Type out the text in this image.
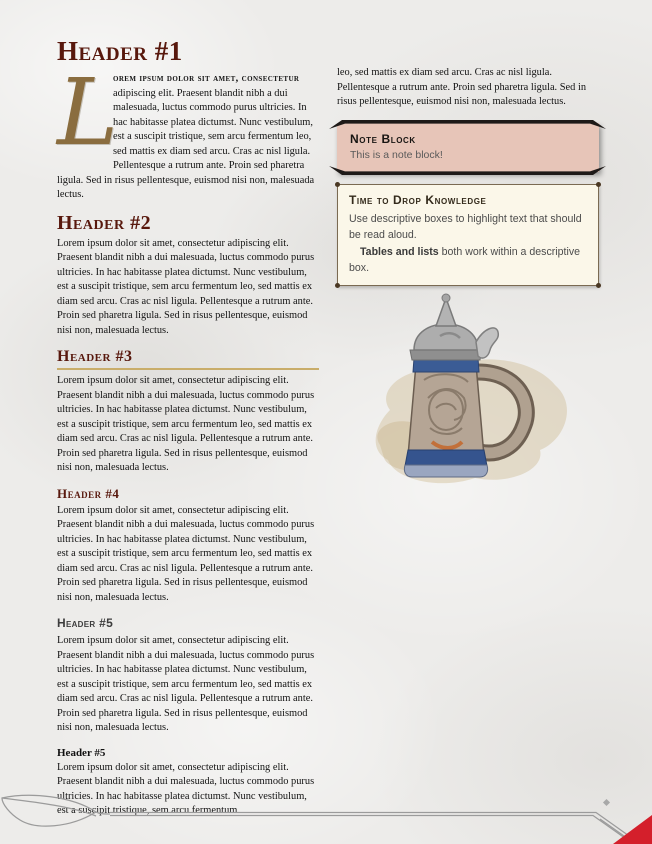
Header #1

L
orem ipsum dolor sit amet, consectetur adipiscing elit. Praesent blandit nibh a dui malesuada, luctus commodo purus ultricies. In hac habitasse platea dictumst. Nunc vestibulum, est a suscipit tristique, sem arcu fermentum leo, sed mattis ex diam sed arcu. Cras ac nisl ligula. Pellentesque a rutrum ante. Proin sed pharetra ligula. Sed in risus pellentesque, euismod nisi non, malesuada lectus.

Header #2

Lorem ipsum dolor sit amet, consectetur adipiscing elit. Praesent blandit nibh a dui malesuada, luctus commodo purus ultricies. In hac habitasse platea dictumst. Nunc vestibulum, est a suscipit tristique, sem arcu fermentum leo, sed mattis ex diam sed arcu. Cras ac nisl ligula. Pellentesque a rutrum ante. Proin sed pharetra ligula. Sed in risus pellentesque, euismod nisi non, malesuada lectus.

Header #3

Lorem ipsum dolor sit amet, consectetur adipiscing elit. Praesent blandit nibh a dui malesuada, luctus commodo purus ultricies. In hac habitasse platea dictumst. Nunc vestibulum, est a suscipit tristique, sem arcu fermentum leo, sed mattis ex diam sed arcu. Cras ac nisl ligula. Pellentesque a rutrum ante. Proin sed pharetra ligula. Sed in risus pellentesque, euismod nisi non, malesuada lectus.

Header #4

Lorem ipsum dolor sit amet, consectetur adipiscing elit. Praesent blandit nibh a dui malesuada, luctus commodo purus ultricies. In hac habitasse platea dictumst. Nunc vestibulum, est a suscipit tristique, sem arcu fermentum leo, sed mattis ex diam sed arcu. Cras ac nisl ligula. Pellentesque a rutrum ante. Proin sed pharetra ligula. Sed in risus pellentesque, euismod nisi non, malesuada lectus.

Header #5

Lorem ipsum dolor sit amet, consectetur adipiscing elit. Praesent blandit nibh a dui malesuada, luctus commodo purus ultricies. In hac habitasse platea dictumst. Nunc vestibulum, est a suscipit tristique, sem arcu fermentum leo, sed mattis ex diam sed arcu. Cras ac nisl ligula. Pellentesque a rutrum ante. Proin sed pharetra ligula. Sed in risus pellentesque, euismod nisi non, malesuada lectus.

Header #5

Lorem ipsum dolor sit amet, consectetur adipiscing elit. Praesent blandit nibh a dui malesuada, luctus commodo purus ultricies. In hac habitasse platea dictumst. Nunc vestibulum, est a suscipit tristique, sem arcu fermentum

leo, sed mattis ex diam sed arcu. Cras ac nisl ligula. Pellentesque a rutrum ante. Proin sed pharetra ligula. Sed in risus pellentesque, euismod nisi non, malesuada lectus.

Note Block
This is a note block!
Time to Drop Knowledge
Use descriptive boxes to highlight text that should be read aloud.
Tables and lists both work within a descriptive box.
